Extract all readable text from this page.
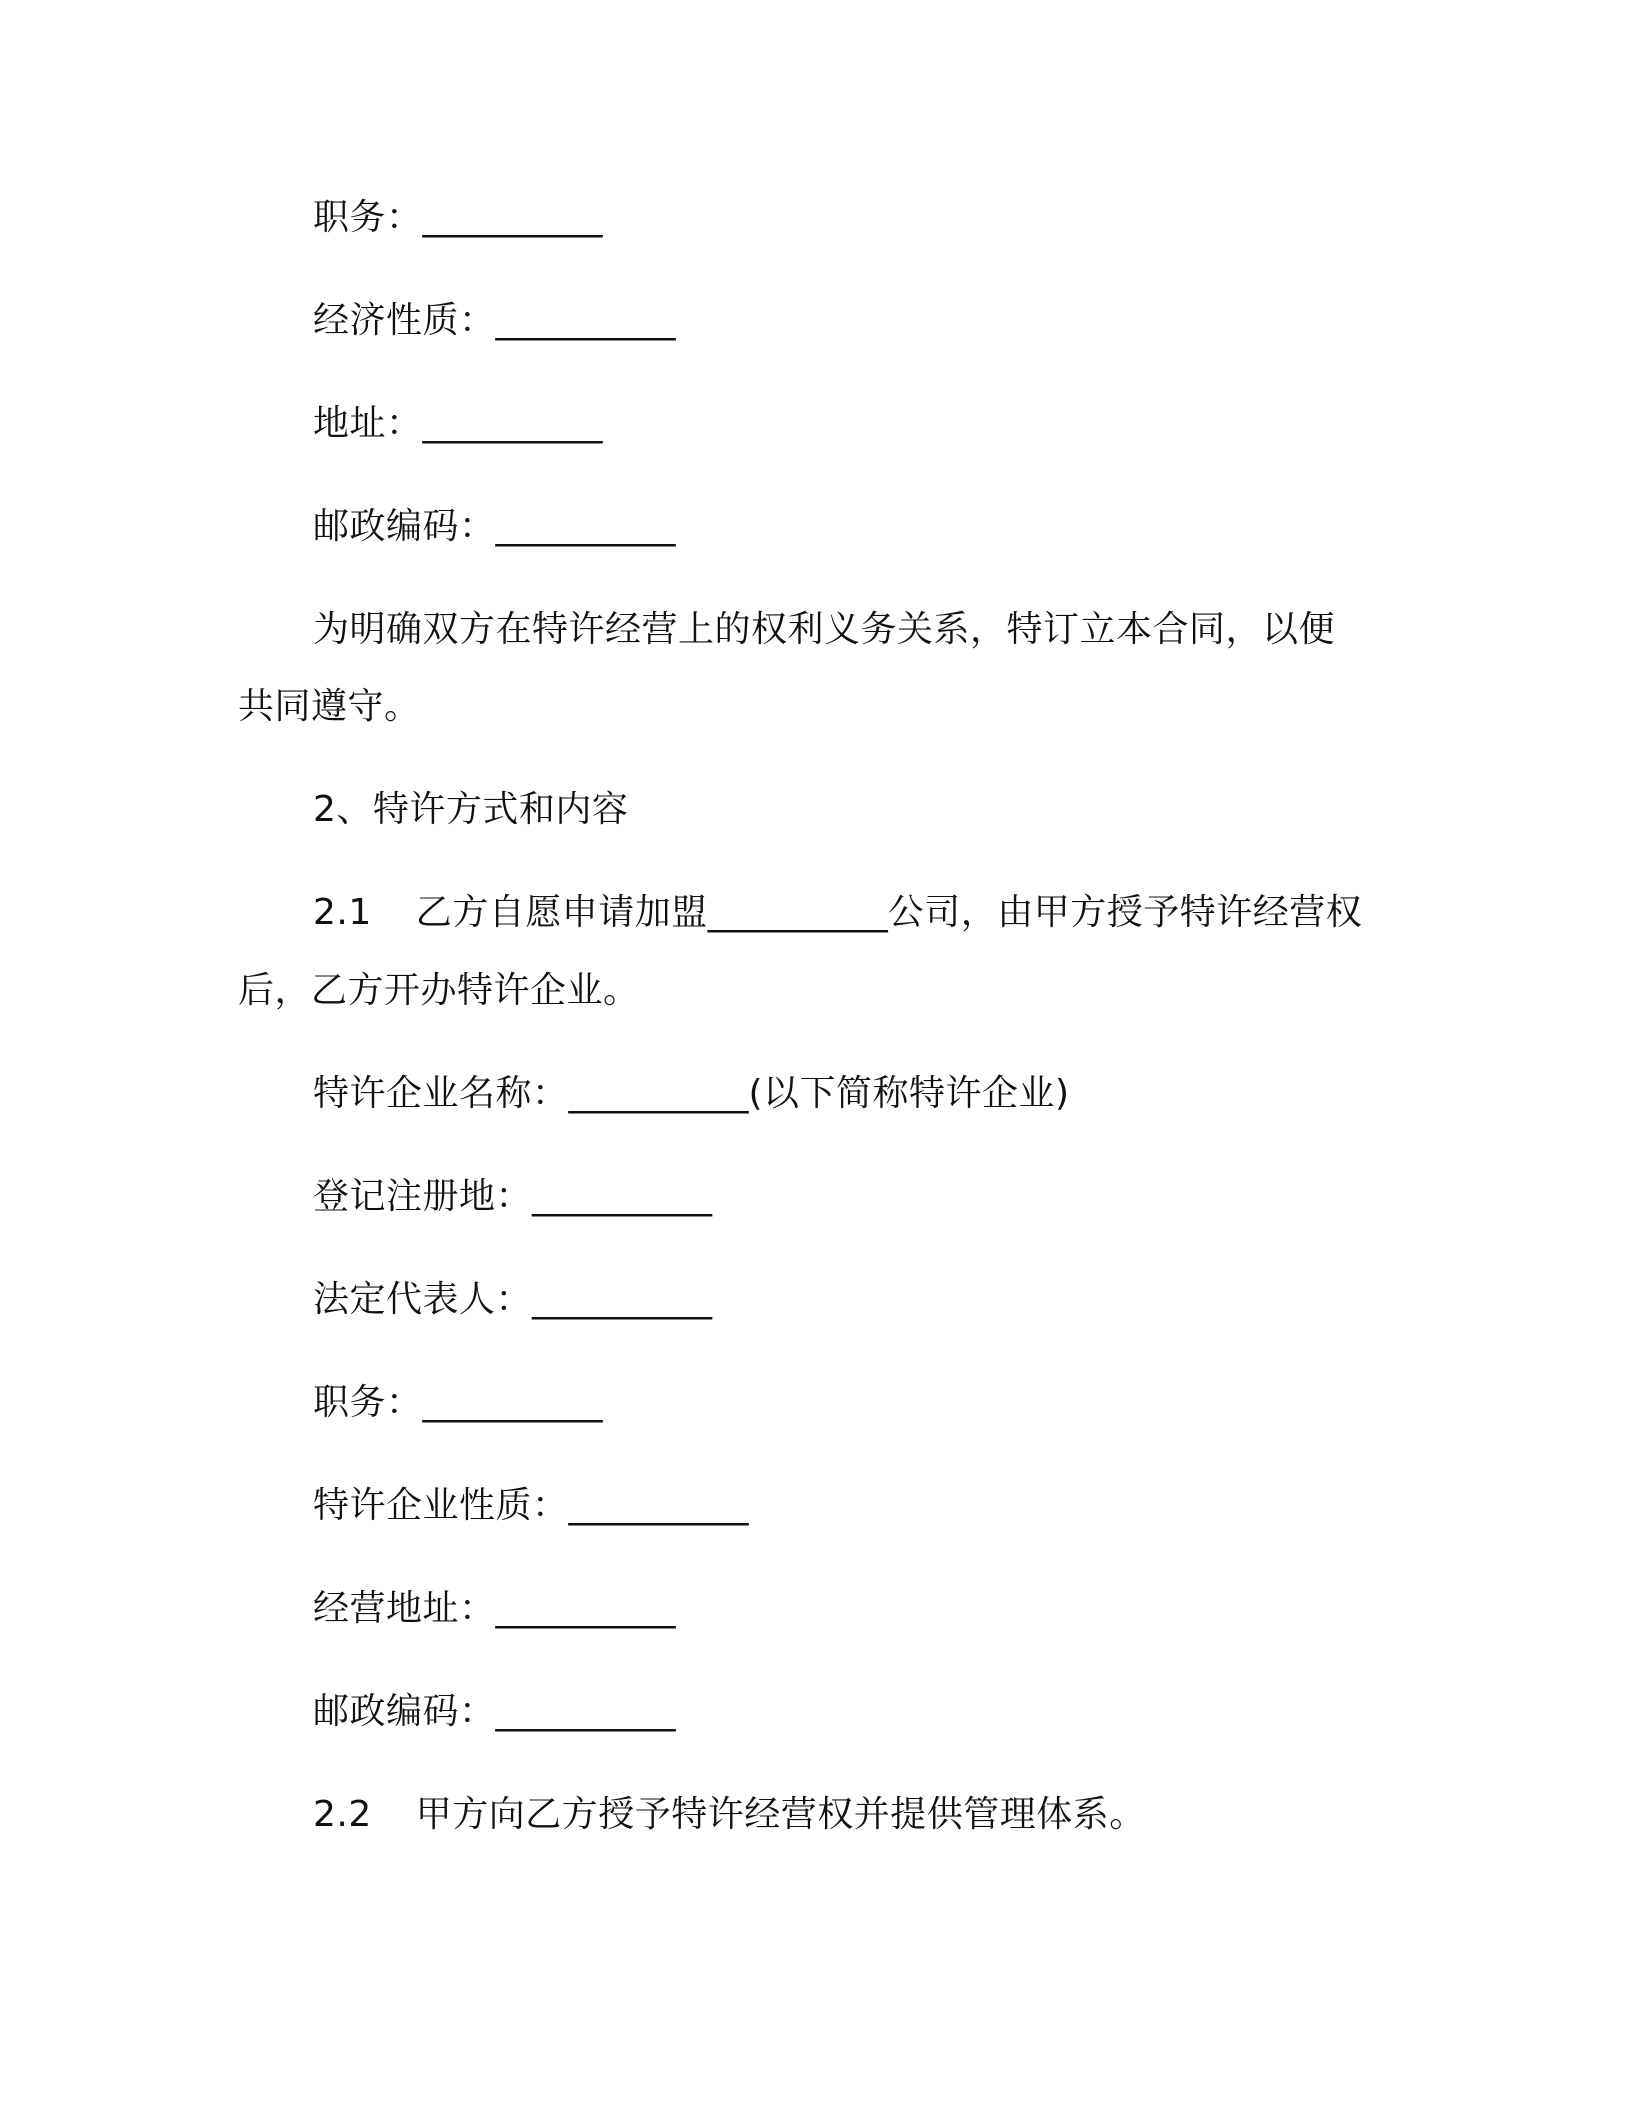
职务：__________
经济性质：__________
地址：__________
邮政编码：__________
为明确双方在特许经营上的权利义务关系，特订立本合同，以便
共同遵守。
2、特许方式和内容
2.1 乙方自愿申请加盟__________公司，由甲方授予特许经营权
后，乙方开办特许企业。
特许企业名称：__________(以下简称特许企业)
登记注册地：__________
法定代表人：__________
职务：__________
特许企业性质：__________
经营地址：__________
邮政编码：__________
2.2 甲方向乙方授予特许经营权并提供管理体系。
